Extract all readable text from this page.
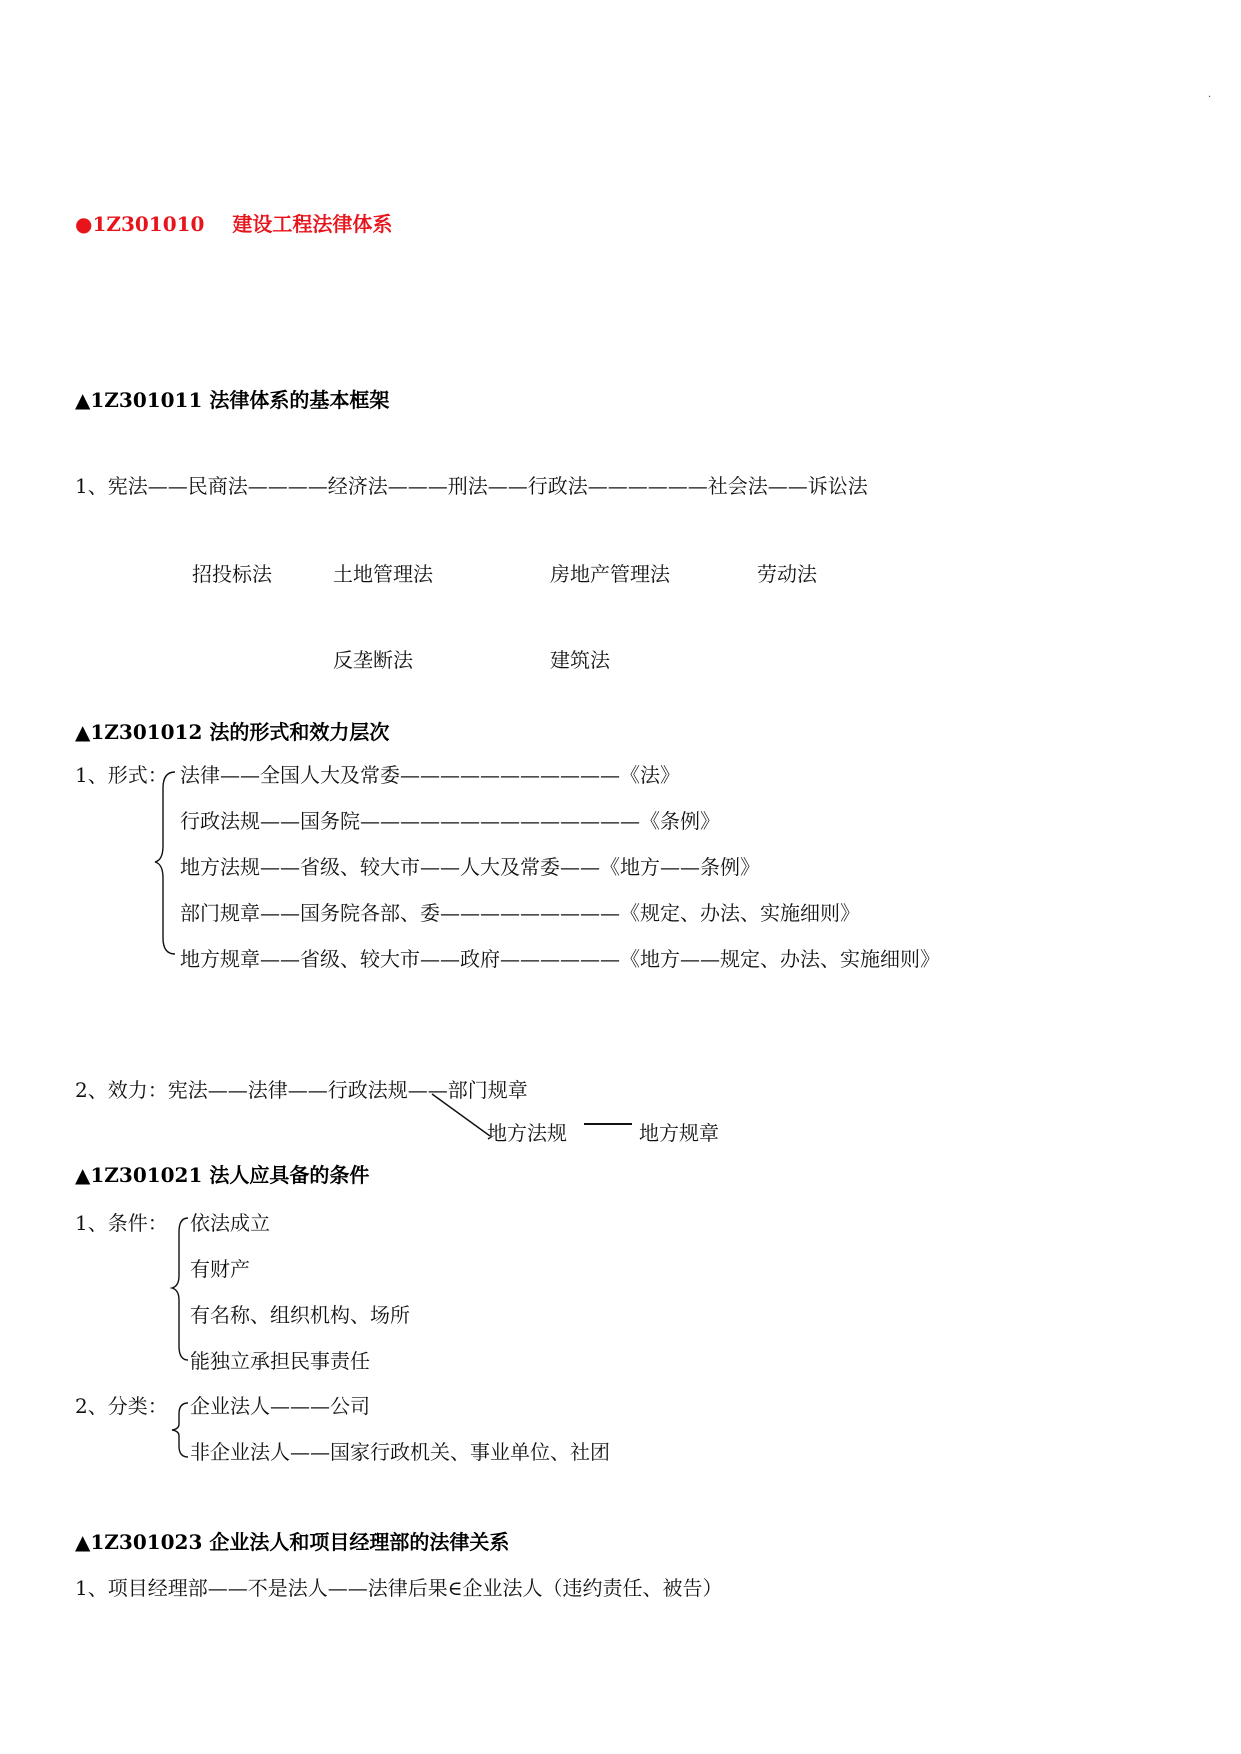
·
●1Z301010 建设工程法律体系
▲1Z301011 法律体系的基本框架
1、宪法——民商法————经济法———刑法——行政法——————社会法——诉讼法
招投标法	土地管理法	房地产管理法	劳动法
反垄断法	建筑法
▲1Z301012 法的形式和效力层次
1、形式： 法律——全国人大及常委———————————《法》
行政法规——国务院——————————————《条例》
地方法规——省级、较大市——人大及常委——《地方——条例》
部门规章——国务院各部、委—————————《规定、办法、实施细则》
地方规章——省级、较大市——政府——————《地方——规定、办法、实施细则》
2、效力：宪法——法律——行政法规——部门规章
地方法规	地方规章
▲1Z301021 法人应具备的条件
1、条件： 依法成立
有财产
有名称、组织机构、场所
能独立承担民事责任
2、分类： 企业法人———公司
非企业法人——国家行政机关、事业单位、社团
▲1Z301023 企业法人和项目经理部的法律关系
1、项目经理部——不是法人——法律后果∈企业法人（违约责任、被告）
